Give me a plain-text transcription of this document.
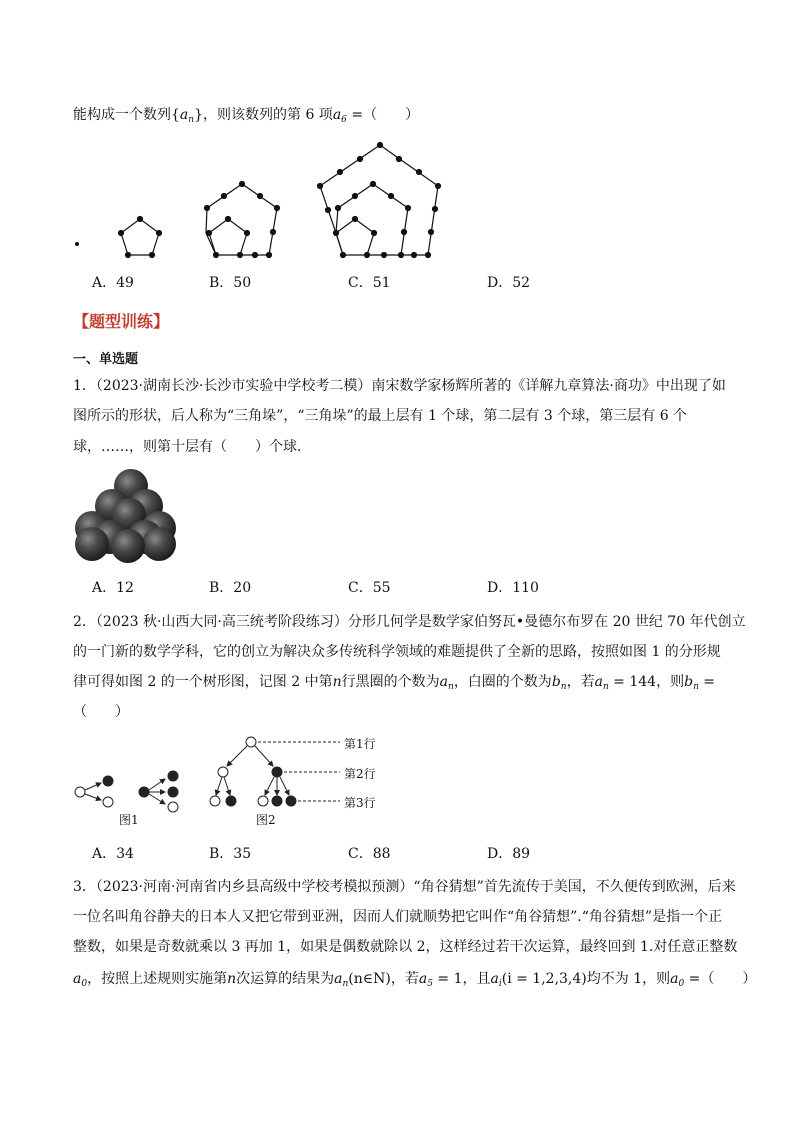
能构成一个数列$\{a_n\}$，则该数列的第 6 项$a_6$ =（　　）
A．49	B．50	C．51	D．52
【题型训练】
一、单选题
1．（2023·湖南长沙·长沙市实验中学校考二模）南宋数学家杨辉所著的《详解九章算法·商功》中出现了如
图所示的形状，后人称为“三角垛”，“三角垛”的最上层有 1 个球，第二层有 3 个球，第三层有 6 个
球，……，则第十层有（　　）个球．
A．12	B．20	C．55	D．110
2．（2023 秋·山西大同·高三统考阶段练习）分形几何学是数学家伯努瓦•曼德尔布罗在 20 世纪 70 年代创立
的一门新的数学学科，它的创立为解决众多传统科学领域的难题提供了全新的思路，按照如图 1 的分形规
律可得如图 2 的一个树形图，记图 2 中第n行黑圈的个数为$a_n$，白圈的个数为$b_n$，若$a_n = 144$，则$b_n$ =
（　　）
第1行
第2行
第3行
图1	图2
A．34	B．35	C．88	D．89
3．（2023·河南·河南省内乡县高级中学校考模拟预测）“角谷猜想”首先流传于美国，不久便传到欧洲，后来
一位名叫角谷静夫的日本人又把它带到亚洲，因而人们就顺势把它叫作“角谷猜想”.“角谷猜想”是指一个正
整数，如果是奇数就乘以 3 再加 1，如果是偶数就除以 2，这样经过若干次运算，最终回到 1.对任意正整数
$a_0$，按照上述规则实施第n次运算的结果为$a_n(n\in N)$，若$a_5 = 1$，且$a_i(i = 1,2,3,4)$均不为 1，则$a_0$ =（　　）
